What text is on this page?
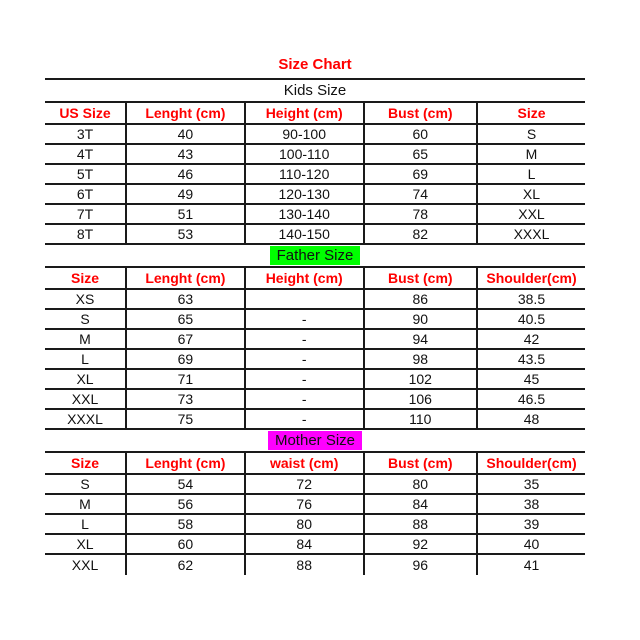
Size Chart
Kids Size
US Size	Lenght (cm)	Height (cm)	Bust (cm)	Size
3T	40	90-100	60	S
4T	43	100-110	65	M
5T	46	110-120	69	L
6T	49	120-130	74	XL
7T	51	130-140	78	XXL
8T	53	140-150	82	XXXL
Father Size
Size	Lenght (cm)	Height (cm)	Bust (cm)	Shoulder(cm)
XS	63		86	38.5
S	65	-	90	40.5
M	67	-	94	42
L	69	-	98	43.5
XL	71	-	102	45
XXL	73	-	106	46.5
XXXL	75	-	110	48
Mother Size
Size	Lenght (cm)	waist (cm)	Bust (cm)	Shoulder(cm)
S	54	72	80	35
M	56	76	84	38
L	58	80	88	39
XL	60	84	92	40
XXL	62	88	96	41
